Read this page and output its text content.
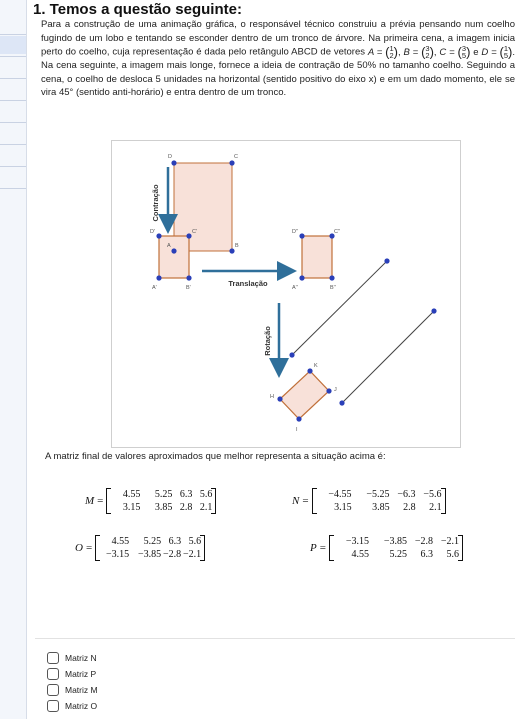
1. Temos a questão seguinte:
Para a construção de uma animação gráfica, o responsável técnico construiu a prévia pensando num coelho fugindo de um lobo e tentando se esconder dentro de um tronco de árvore. Na primeira cena, a imagem inicia perto do coelho, cuja representação é dada pelo retângulo ABCD de vetores A = ( 1
2 ), B = ( 3
2 ), C = ( 3
5 ) e D = ( 1
5 ). Na cena seguinte, a imagem mais longe, fornece a ideia de contração de 50% no tamanho coelho. Seguindo a cena, o coelho de desloca 5 unidades na horizontal (sentido positivo do eixo x) e em um dado momento, ele se vira 45° (sentido anti-horário) e entra dentro de um tronco.
Contração
Translação
Rotação
D	C
B
A
D'	C'
A'	B'
D''	C''
A''	B''
K
J
H
I
A matriz final de valores aproximados que melhor representa a situação acima é:
M =
4.55	5.25 6.3 5.6
3.15	3.85 2.8 2.1
N =
−4.55	−5.25 −6.3 −5.6
3.15	3.85	2.8	2.1
O =
4.55	5.25 6.3 5.6
−3.15 −3.85 −2.8 −2.1
P =
−3.15	−3.85 −2.8 −2.1
4.55	5.25	6.3	5.6
Matriz N
Matriz P
Matriz M
Matriz O
